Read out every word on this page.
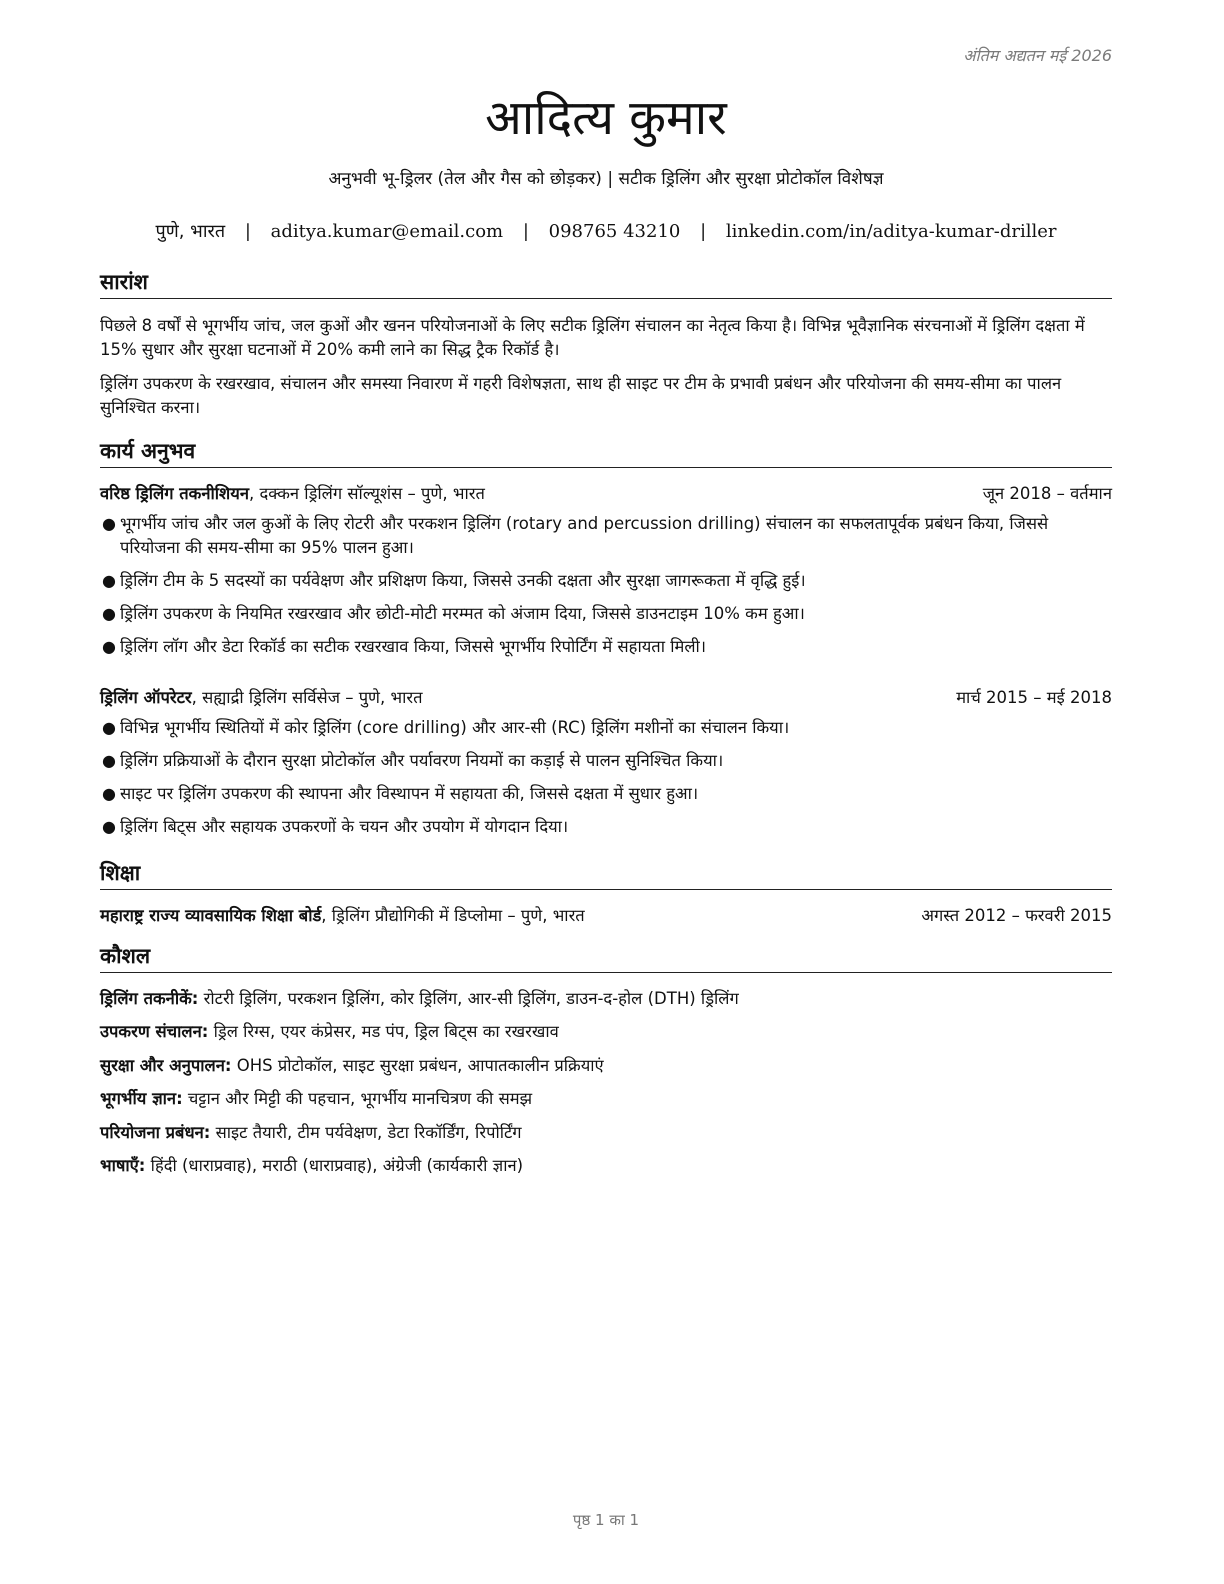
अंतिम अद्यतन मई 2026
आदित्य कुमार
अनुभवी भू-ड्रिलर (तेल और गैस को छोड़कर) | सटीक ड्रिलिंग और सुरक्षा प्रोटोकॉल विशेषज्ञ
पुणे, भारत | aditya.kumar@email.com | 098765 43210 | linkedin.com/in/aditya-kumar-driller
सारांश
पिछले 8 वर्षों से भूगर्भीय जांच, जल कुओं और खनन परियोजनाओं के लिए सटीक ड्रिलिंग संचालन का नेतृत्व किया है। विभिन्न भूवैज्ञानिक संरचनाओं में ड्रिलिंग दक्षता में 15% सुधार और सुरक्षा घटनाओं में 20% कमी लाने का सिद्ध ट्रैक रिकॉर्ड है।
ड्रिलिंग उपकरण के रखरखाव, संचालन और समस्या निवारण में गहरी विशेषज्ञता, साथ ही साइट पर टीम के प्रभावी प्रबंधन और परियोजना की समय-सीमा का पालन सुनिश्चित करना।
कार्य अनुभव
वरिष्ठ ड्रिलिंग तकनीशियन, दक्कन ड्रिलिंग सॉल्यूशंस – पुणे, भारत	जून 2018 – वर्तमान
● भूगर्भीय जांच और जल कुओं के लिए रोटरी और परकशन ड्रिलिंग (rotary and percussion drilling) संचालन का सफलतापूर्वक प्रबंधन किया, जिससे परियोजना की समय-सीमा का 95% पालन हुआ।
● ड्रिलिंग टीम के 5 सदस्यों का पर्यवेक्षण और प्रशिक्षण किया, जिससे उनकी दक्षता और सुरक्षा जागरूकता में वृद्धि हुई।
● ड्रिलिंग उपकरण के नियमित रखरखाव और छोटी-मोटी मरम्मत को अंजाम दिया, जिससे डाउनटाइम 10% कम हुआ।
● ड्रिलिंग लॉग और डेटा रिकॉर्ड का सटीक रखरखाव किया, जिससे भूगर्भीय रिपोर्टिंग में सहायता मिली।
ड्रिलिंग ऑपरेटर, सह्याद्री ड्रिलिंग सर्विसेज – पुणे, भारत	मार्च 2015 – मई 2018
● विभिन्न भूगर्भीय स्थितियों में कोर ड्रिलिंग (core drilling) और आर-सी (RC) ड्रिलिंग मशीनों का संचालन किया।
● ड्रिलिंग प्रक्रियाओं के दौरान सुरक्षा प्रोटोकॉल और पर्यावरण नियमों का कड़ाई से पालन सुनिश्चित किया।
● साइट पर ड्रिलिंग उपकरण की स्थापना और विस्थापन में सहायता की, जिससे दक्षता में सुधार हुआ।
● ड्रिलिंग बिट्स और सहायक उपकरणों के चयन और उपयोग में योगदान दिया।
शिक्षा
महाराष्ट्र राज्य व्यावसायिक शिक्षा बोर्ड, ड्रिलिंग प्रौद्योगिकी में डिप्लोमा – पुणे, भारत	अगस्त 2012 – फरवरी 2015
कौशल
ड्रिलिंग तकनीकें: रोटरी ड्रिलिंग, परकशन ड्रिलिंग, कोर ड्रिलिंग, आर-सी ड्रिलिंग, डाउन-द-होल (DTH) ड्रिलिंग
उपकरण संचालन: ड्रिल रिग्स, एयर कंप्रेसर, मड पंप, ड्रिल बिट्स का रखरखाव
सुरक्षा और अनुपालन: OHS प्रोटोकॉल, साइट सुरक्षा प्रबंधन, आपातकालीन प्रक्रियाएं
भूगर्भीय ज्ञान: चट्टान और मिट्टी की पहचान, भूगर्भीय मानचित्रण की समझ
परियोजना प्रबंधन: साइट तैयारी, टीम पर्यवेक्षण, डेटा रिकॉर्डिंग, रिपोर्टिंग
भाषाएँ: हिंदी (धाराप्रवाह), मराठी (धाराप्रवाह), अंग्रेजी (कार्यकारी ज्ञान)
पृष्ठ 1 का 1
